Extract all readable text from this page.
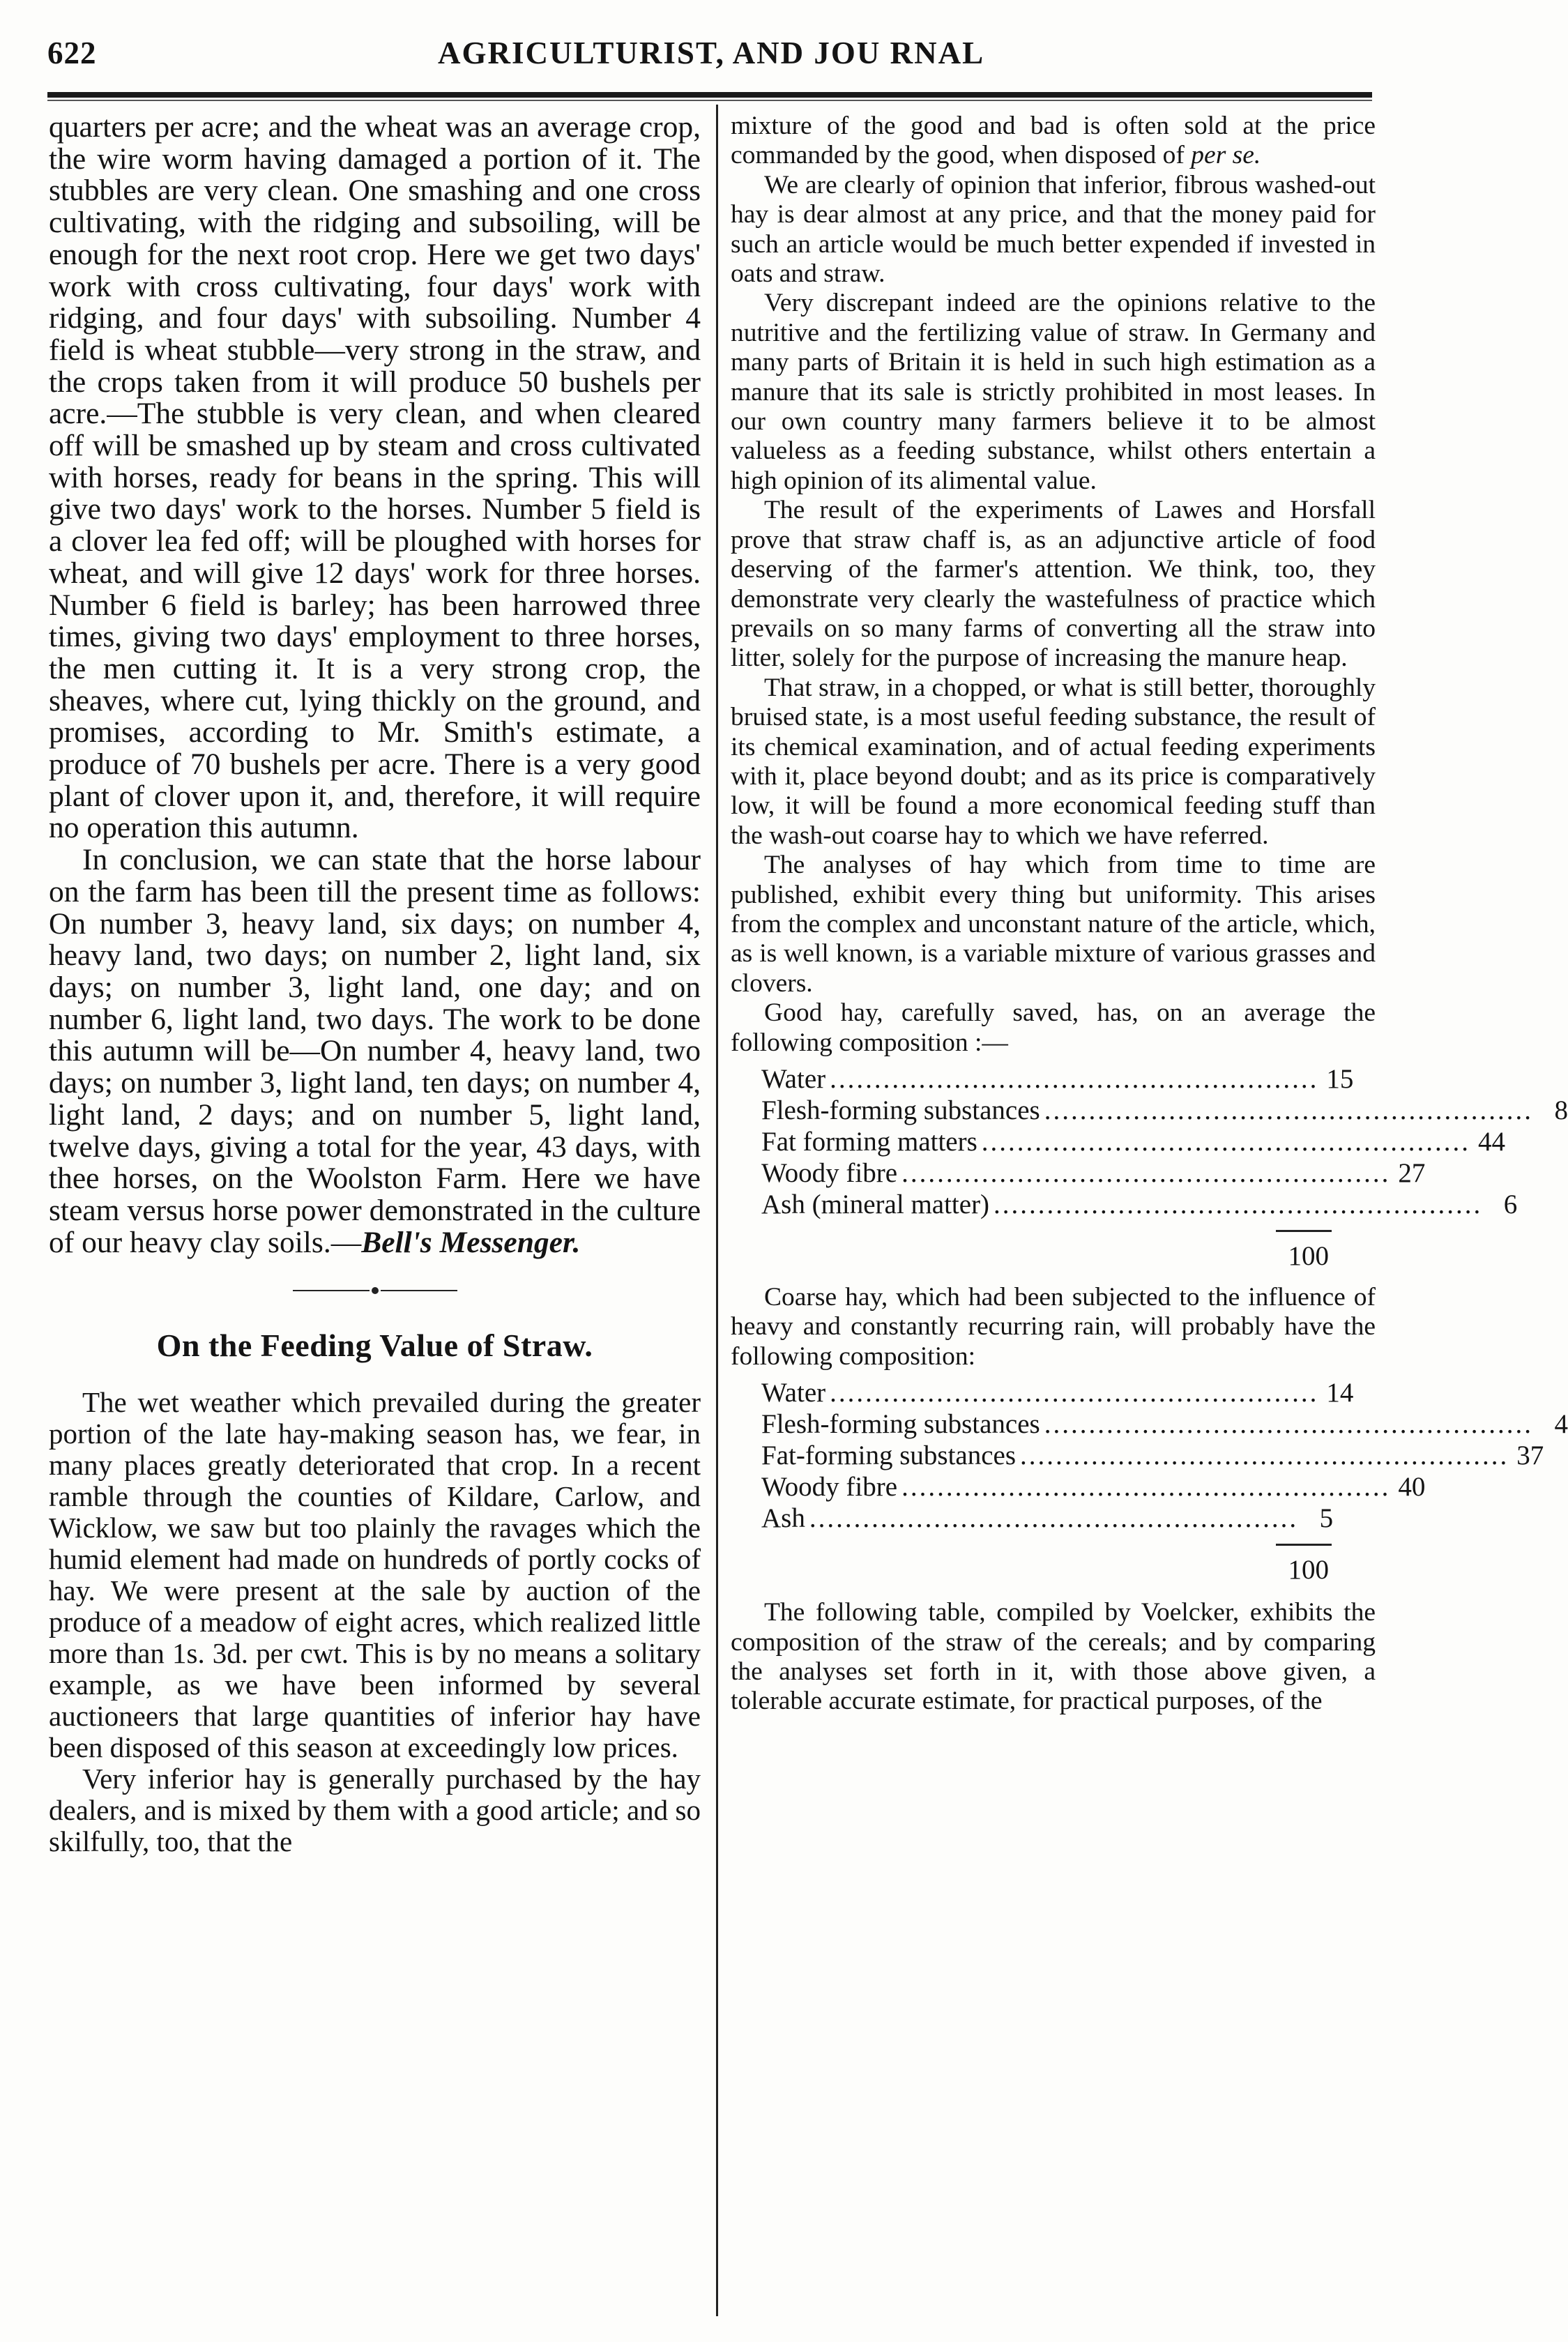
622	AGRICULTURIST, AND JOU RNAL

quarters per acre; and the wheat was an average crop, the wire worm having damaged a portion of it. The stubbles are very clean. One smashing and one cross cultivating, with the ridging and subsoiling, will be enough for the next root crop. Here we get two days' work with cross cultivating, four days' work with ridging, and four days' with subsoiling. Number 4 field is wheat stubble—very strong in the straw, and the crops taken from it will produce 50 bushels per acre.—The stubble is very clean, and when cleared off will be smashed up by steam and cross cultivated with horses, ready for beans in the spring. This will give two days' work to the horses. Number 5 field is a clover lea fed off; will be ploughed with horses for wheat, and will give 12 days' work for three horses. Number 6 field is barley; has been harrowed three times, giving two days' employment to three horses, the men cutting it. It is a very strong crop, the sheaves, where cut, lying thickly on the ground, and promises, according to Mr. Smith's estimate, a produce of 70 bushels per acre. There is a very good plant of clover upon it, and, therefore, it will require no operation this autumn.

In conclusion, we can state that the horse labour on the farm has been till the present time as follows: On number 3, heavy land, six days; on number 4, heavy land, two days; on number 2, light land, six days; on number 3, light land, one day; and on number 6, light land, two days. The work to be done this autumn will be—On number 4, heavy land, two days; on number 3, light land, ten days; on number 4, light land, 2 days; and on number 5, light land, twelve days, giving a total for the year, 43 days, with thee horses, on the Woolston Farm. Here we have steam versus horse power demonstrated in the culture of our heavy clay soils.—Bell's Messenger.

On the Feeding Value of Straw.

The wet weather which prevailed during the greater portion of the late hay-making season has, we fear, in many places greatly deteriorated that crop. In a recent ramble through the counties of Kildare, Carlow, and Wicklow, we saw but too plainly the ravages which the humid element had made on hundreds of portly cocks of hay. We were present at the sale by auction of the produce of a meadow of eight acres, which realized little more than 1s. 3d. per cwt. This is by no means a solitary example, as we have been informed by several auctioneers that large quantities of inferior hay have been disposed of this season at exceedingly low prices.

Very inferior hay is generally purchased by the hay dealers, and is mixed by them with a good article; and so skilfully, too, that the

mixture of the good and bad is often sold at the price commanded by the good, when disposed of per se.

We are clearly of opinion that inferior, fibrous washed-out hay is dear almost at any price, and that the money paid for such an article would be much better expended if invested in oats and straw.

Very discrepant indeed are the opinions relative to the nutritive and the fertilizing value of straw. In Germany and many parts of Britain it is held in such high estimation as a manure that its sale is strictly prohibited in most leases. In our own country many farmers believe it to be almost valueless as a feeding substance, whilst others entertain a high opinion of its alimental value.

The result of the experiments of Lawes and Horsfall prove that straw chaff is, as an adjunctive article of food deserving of the farmer's attention. We think, too, they demonstrate very clearly the wastefulness of practice which prevails on so many farms of converting all the straw into litter, solely for the purpose of increasing the manure heap.

That straw, in a chopped, or what is still better, thoroughly bruised state, is a most useful feeding substance, the result of its chemical examination, and of actual feeding experiments with it, place beyond doubt; and as its price is comparatively low, it will be found a more economical feeding stuff than the wash-out coarse hay to which we have referred.

The analyses of hay which from time to time are published, exhibit every thing but uniformity. This arises from the complex and unconstant nature of the article, which, as is well known, is a variable mixture of various grasses and clovers.

Good hay, carefully saved, has, on an average the following composition :—

Water ....................................................... 15
Flesh-forming substances ....................................................... 8
Fat forming matters ....................................................... 44
Woody fibre ....................................................... 27
Ash (mineral matter) ....................................................... 6
100

Coarse hay, which had been subjected to the influence of heavy and constantly recurring rain, will probably have the following composition:

Water ....................................................... 14
Flesh-forming substances ....................................................... 4
Fat-forming substances ....................................................... 37
Woody fibre ....................................................... 40
Ash ....................................................... 5
100

The following table, compiled by Voelcker, exhibits the composition of the straw of the cereals; and by comparing the analyses set forth in it, with those above given, a tolerable accurate estimate, for practical purposes, of the
